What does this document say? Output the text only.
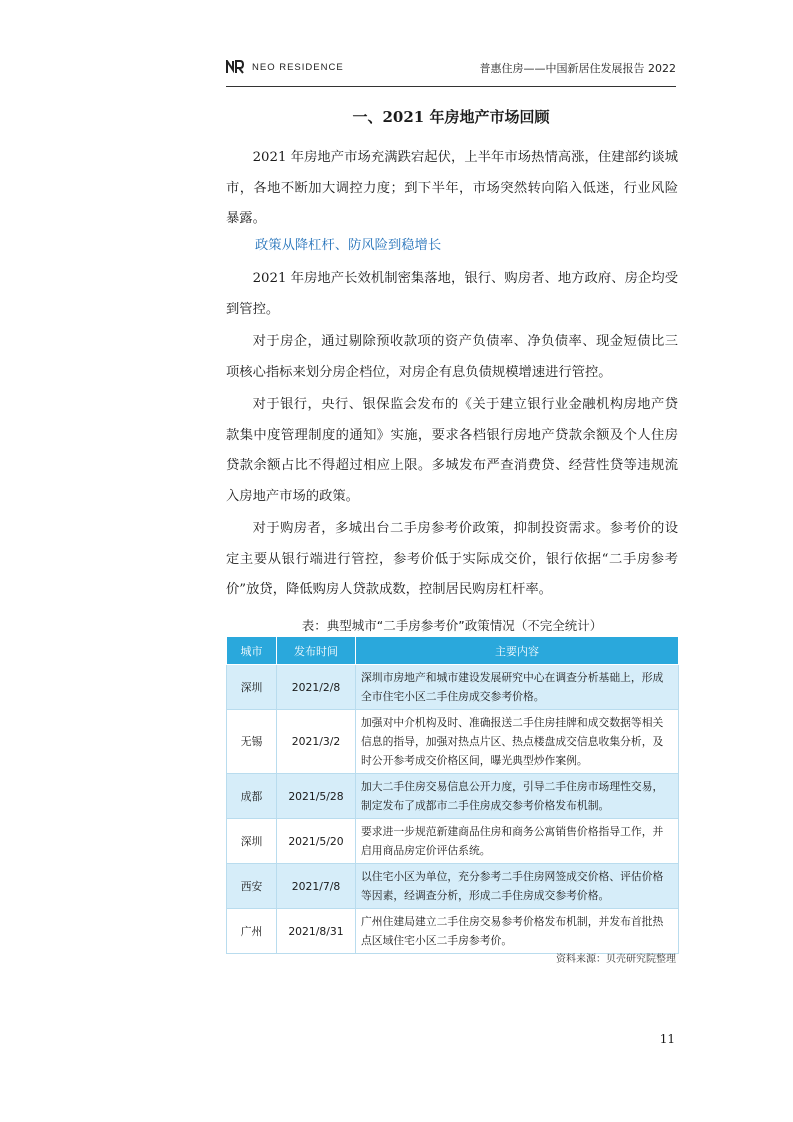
NEO RESIDENCE	普惠住房——中国新居住发展报告 2022
一、2021 年房地产市场回顾

2021 年房地产市场充满跌宕起伏，上半年市场热情高涨，住建部约谈城市，各地不断加大调控力度；到下半年，市场突然转向陷入低迷，行业风险暴露。

政策从降杠杆、防风险到稳增长

2021 年房地产长效机制密集落地，银行、购房者、地方政府、房企均受到管控。

对于房企，通过剔除预收款项的资产负债率、净负债率、现金短债比三项核心指标来划分房企档位，对房企有息负债规模增速进行管控。

对于银行，央行、银保监会发布的《关于建立银行业金融机构房地产贷款集中度管理制度的通知》实施，要求各档银行房地产贷款余额及个人住房贷款余额占比不得超过相应上限。多城发布严查消费贷、经营性贷等违规流入房地产市场的政策。

对于购房者，多城出台二手房参考价政策，抑制投资需求。参考价的设定主要从银行端进行管控，参考价低于实际成交价，银行依据“二手房参考价”放贷，降低购房人贷款成数，控制居民购房杠杆率。

表：典型城市“二手房参考价”政策情况（不完全统计）
城市	发布时间	主要内容
深圳	2021/2/8	深圳市房地产和城市建设发展研究中心在调查分析基础上，形成全市住宅小区二手住房成交参考价格。
无锡	2021/3/2	加强对中介机构及时、准确报送二手住房挂牌和成交数据等相关信息的指导，加强对热点片区、热点楼盘成交信息收集分析，及时公开参考成交价格区间，曝光典型炒作案例。
成都	2021/5/28	加大二手住房交易信息公开力度，引导二手住房市场理性交易，制定发布了成都市二手住房成交参考价格发布机制。
深圳	2021/5/20	要求进一步规范新建商品住房和商务公寓销售价格指导工作，并启用商品房定价评估系统。
西安	2021/7/8	以住宅小区为单位，充分参考二手住房网签成交价格、评估价格等因素，经调查分析，形成二手住房成交参考价格。
广州	2021/8/31	广州住建局建立二手住房交易参考价格发布机制，并发布首批热点区域住宅小区二手房参考价。
资料来源：贝壳研究院整理
11
